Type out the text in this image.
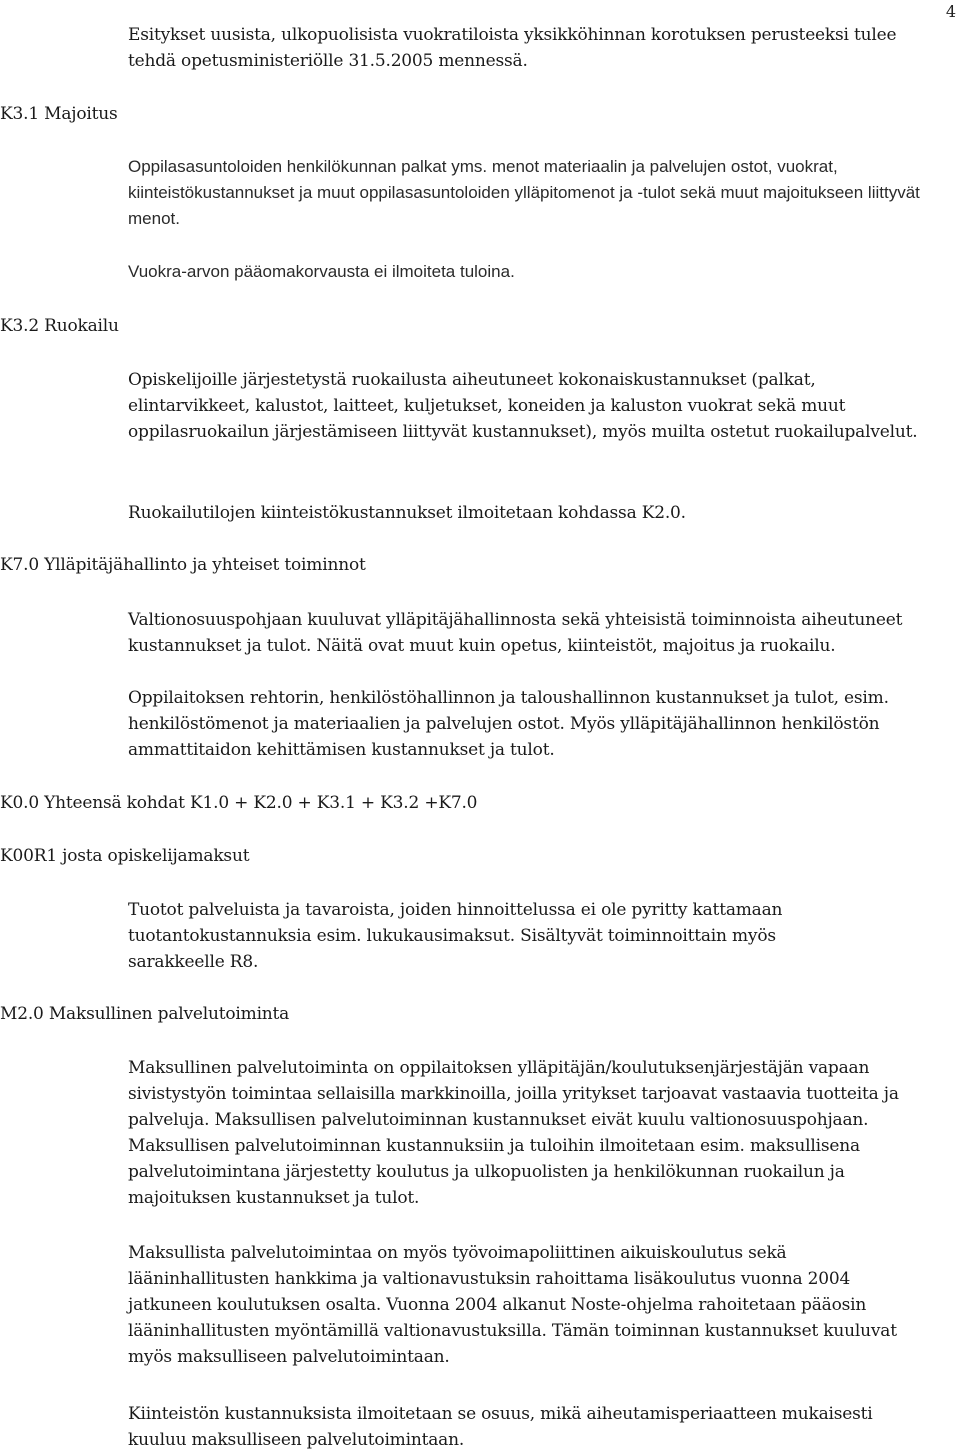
4

Esitykset uusista, ulkopuolisista vuokratiloista yksikköhinnan korotuksen perusteeksi tulee tehdä opetusministeriölle 31.5.2005 mennessä.

K3.1 Majoitus

Oppilasasuntoloiden henkilökunnan palkat yms. menot materiaalin ja palvelujen ostot, vuokrat, kiinteistökustannukset ja muut oppilasasuntoloiden ylläpitomenot ja -tulot sekä muut majoitukseen liittyvät menot.

Vuokra-arvon pääomakorvausta ei ilmoiteta tuloina.

K3.2 Ruokailu

Opiskelijoille järjestetystä ruokailusta aiheutuneet kokonaiskustannukset (palkat, elintarvikkeet, kalustot, laitteet, kuljetukset, koneiden ja kaluston vuokrat sekä muut oppilasruokailun järjestämiseen liittyvät kustannukset), myös muilta ostetut ruokailupalvelut.

Ruokailutilojen kiinteistökustannukset ilmoitetaan kohdassa K2.0.

K7.0 Ylläpitäjähallinto ja yhteiset toiminnot

Valtionosuuspohjaan kuuluvat ylläpitäjähallinnosta sekä yhteisistä toiminnoista aiheutuneet kustannukset ja tulot. Näitä ovat muut kuin opetus, kiinteistöt, majoitus ja ruokailu.

Oppilaitoksen rehtorin, henkilöstöhallinnon ja taloushallinnon kustannukset ja tulot, esim. henkilöstömenot ja materiaalien ja palvelujen ostot. Myös ylläpitäjähallinnon henkilöstön ammattitaidon kehittämisen kustannukset ja tulot.

K0.0 Yhteensä kohdat K1.0 + K2.0 + K3.1 + K3.2 +K7.0
K00R1 josta opiskelijamaksut

Tuotot palveluista ja tavaroista, joiden hinnoittelussa ei ole pyritty kattamaan tuotantokustannuksia esim. lukukausimaksut. Sisältyvät toiminnoittain myös sarakkeelle R8.

M2.0 Maksullinen palvelutoiminta

Maksullinen palvelutoiminta on oppilaitoksen ylläpitäjän/koulutuksenjärjestäjän vapaan sivistystyön toimintaa sellaisilla markkinoilla, joilla yritykset tarjoavat vastaavia tuotteita ja palveluja. Maksullisen palvelutoiminnan kustannukset eivät kuulu valtionosuuspohjaan. Maksullisen palvelutoiminnan kustannuksiin ja tuloihin ilmoitetaan esim. maksullisena palvelutoimintana järjestetty koulutus ja ulkopuolisten ja henkilökunnan ruokailun ja majoituksen kustannukset ja tulot.

Maksullista palvelutoimintaa on myös työvoimapoliittinen aikuiskoulutus sekä lääninhallitusten hankkima ja valtionavustuksin rahoittama lisäkoulutus vuonna 2004 jatkuneen koulutuksen osalta. Vuonna 2004 alkanut Noste-ohjelma rahoitetaan pääosin lääninhallitusten myöntämillä valtionavustuksilla. Tämän toiminnan kustannukset kuuluvat myös maksulliseen palvelutoimintaan.

Kiinteistön kustannuksista ilmoitetaan se osuus, mikä aiheutamisperiaatteen mukaisesti kuuluu maksulliseen palvelutoimintaan.
